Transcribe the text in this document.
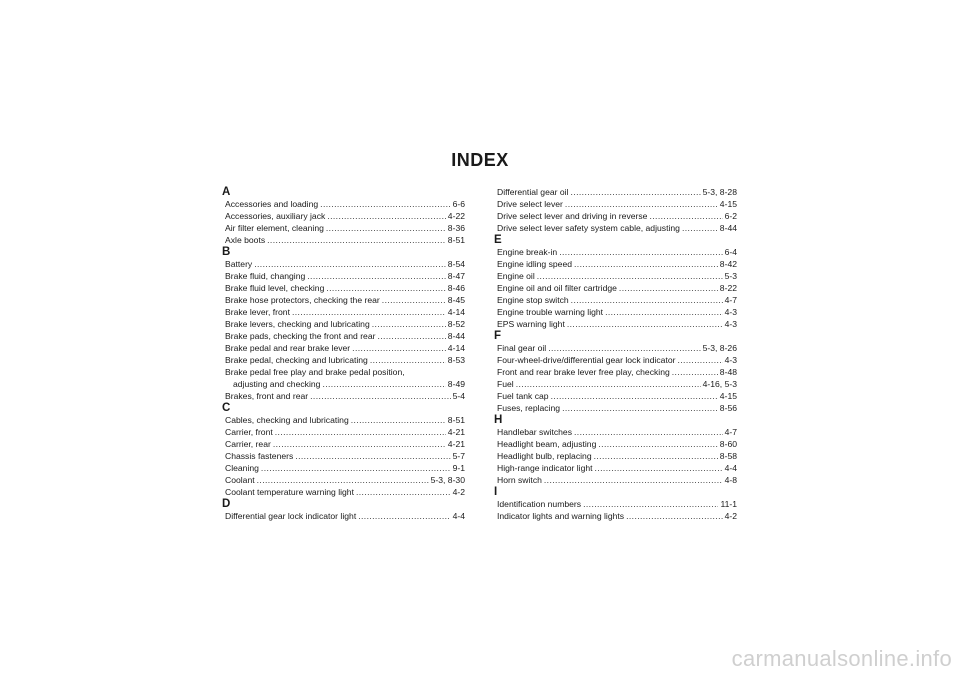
INDEX
A
Accessories and loading .....	6-6
Accessories, auxiliary jack .....	4-22
Air filter element, cleaning .....	8-36
Axle boots .....	8-51
B
Battery .....	8-54
Brake fluid, changing .....	8-47
Brake fluid level, checking .....	8-46
Brake hose protectors, checking the rear .....	8-45
Brake lever, front .....	4-14
Brake levers, checking and lubricating .....	8-52
Brake pads, checking the front and rear .....	8-44
Brake pedal and rear brake lever .....	4-14
Brake pedal, checking and lubricating .....	8-53
Brake pedal free play and brake pedal position,
adjusting and checking .....	8-49
Brakes, front and rear .....	5-4
C
Cables, checking and lubricating .....	8-51
Carrier, front .....	4-21
Carrier, rear .....	4-21
Chassis fasteners .....	5-7
Cleaning .....	9-1
Coolant .....	5-3, 8-30
Coolant temperature warning light .....	4-2
D
Differential gear lock indicator light .....	4-4
Differential gear oil .....	5-3, 8-28
Drive select lever .....	4-15
Drive select lever and driving in reverse .....	6-2
Drive select lever safety system cable, adjusting .....	8-44
E
Engine break-in .....	6-4
Engine idling speed .....	8-42
Engine oil .....	5-3
Engine oil and oil filter cartridge .....	8-22
Engine stop switch .....	4-7
Engine trouble warning light .....	4-3
EPS warning light .....	4-3
F
Final gear oil .....	5-3, 8-26
Four-wheel-drive/differential gear lock indicator .....	4-3
Front and rear brake lever free play, checking .....	8-48
Fuel .....	4-16, 5-3
Fuel tank cap .....	4-15
Fuses, replacing .....	8-56
H
Handlebar switches .....	4-7
Headlight beam, adjusting .....	8-60
Headlight bulb, replacing .....	8-58
High-range indicator light .....	4-4
Horn switch .....	4-8
I
Identification numbers .....	11-1
Indicator lights and warning lights .....	4-2
carmanualsonline.info
